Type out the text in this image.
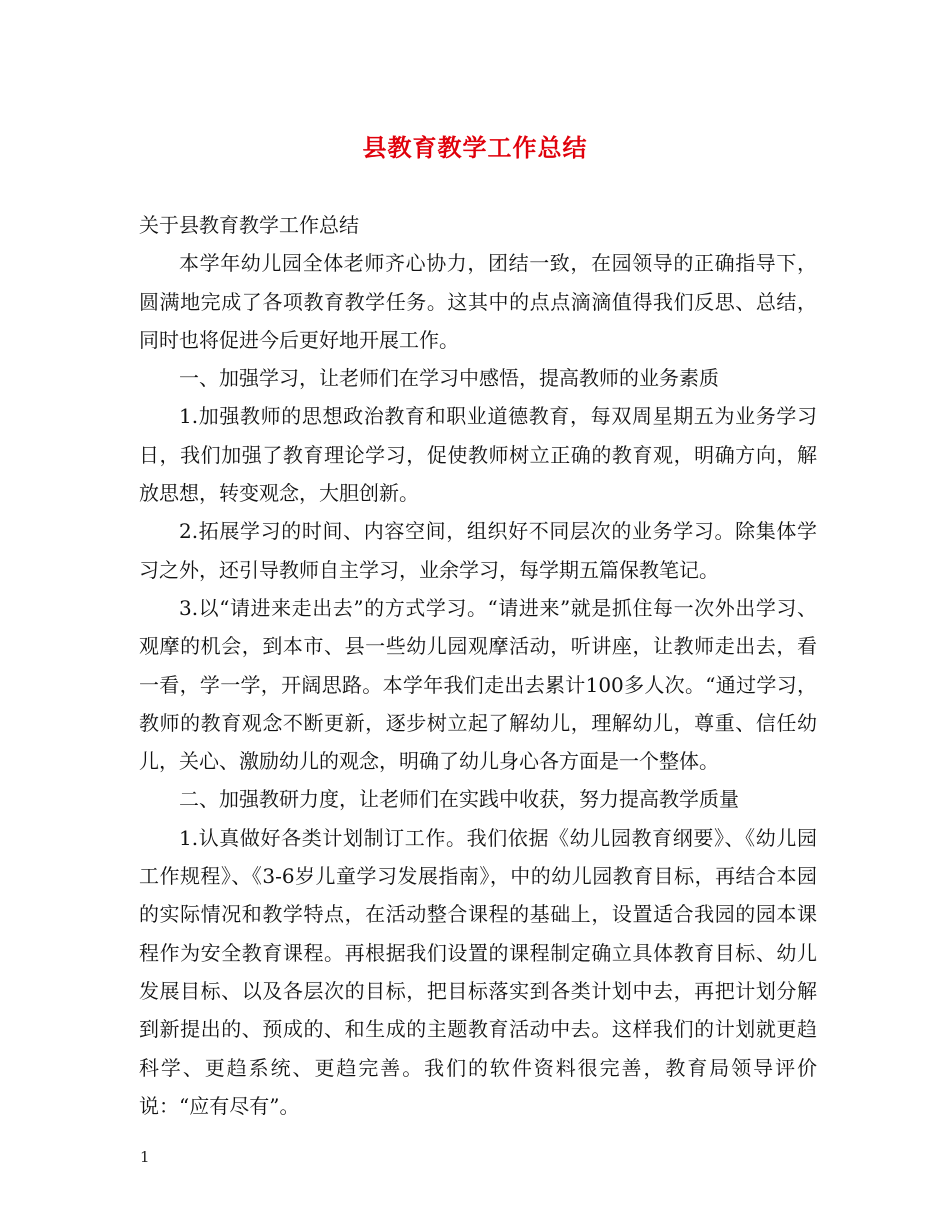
县教育教学工作总结

关于县教育教学工作总结

本学年幼儿园全体老师齐心协力，团结一致，在园领导的正确指导下，圆满地完成了各项教育教学任务。这其中的点点滴滴值得我们反思、总结，同时也将促进今后更好地开展工作。

一、加强学习，让老师们在学习中感悟，提高教师的业务素质

1.加强教师的思想政治教育和职业道德教育，每双周星期五为业务学习日，我们加强了教育理论学习，促使教师树立正确的教育观，明确方向，解放思想，转变观念，大胆创新。

2.拓展学习的时间、内容空间，组织好不同层次的业务学习。除集体学习之外，还引导教师自主学习，业余学习，每学期五篇保教笔记。

3.以“请进来走出去”的方式学习。“请进来”就是抓住每一次外出学习、观摩的机会，到本市、县一些幼儿园观摩活动，听讲座，让教师走出去，看一看，学一学，开阔思路。本学年我们走出去累计100多人次。“通过学习，教师的教育观念不断更新，逐步树立起了解幼儿，理解幼儿，尊重、信任幼儿，关心、激励幼儿的观念，明确了幼儿身心各方面是一个整体。

二、加强教研力度，让老师们在实践中收获，努力提高教学质量

1.认真做好各类计划制订工作。我们依据《幼儿园教育纲要》、《幼儿园工作规程》、《3-6岁儿童学习发展指南》，中的幼儿园教育目标，再结合本园的实际情况和教学特点，在活动整合课程的基础上，设置适合我园的园本课程作为安全教育课程。再根据我们设置的课程制定确立具体教育目标、幼儿发展目标、以及各层次的目标，把目标落实到各类计划中去，再把计划分解到新提出的、预成的、和生成的主题教育活动中去。这样我们的计划就更趋科学、更趋系统、更趋完善。我们的软件资料很完善，教育局领导评价说：“应有尽有”。

1
